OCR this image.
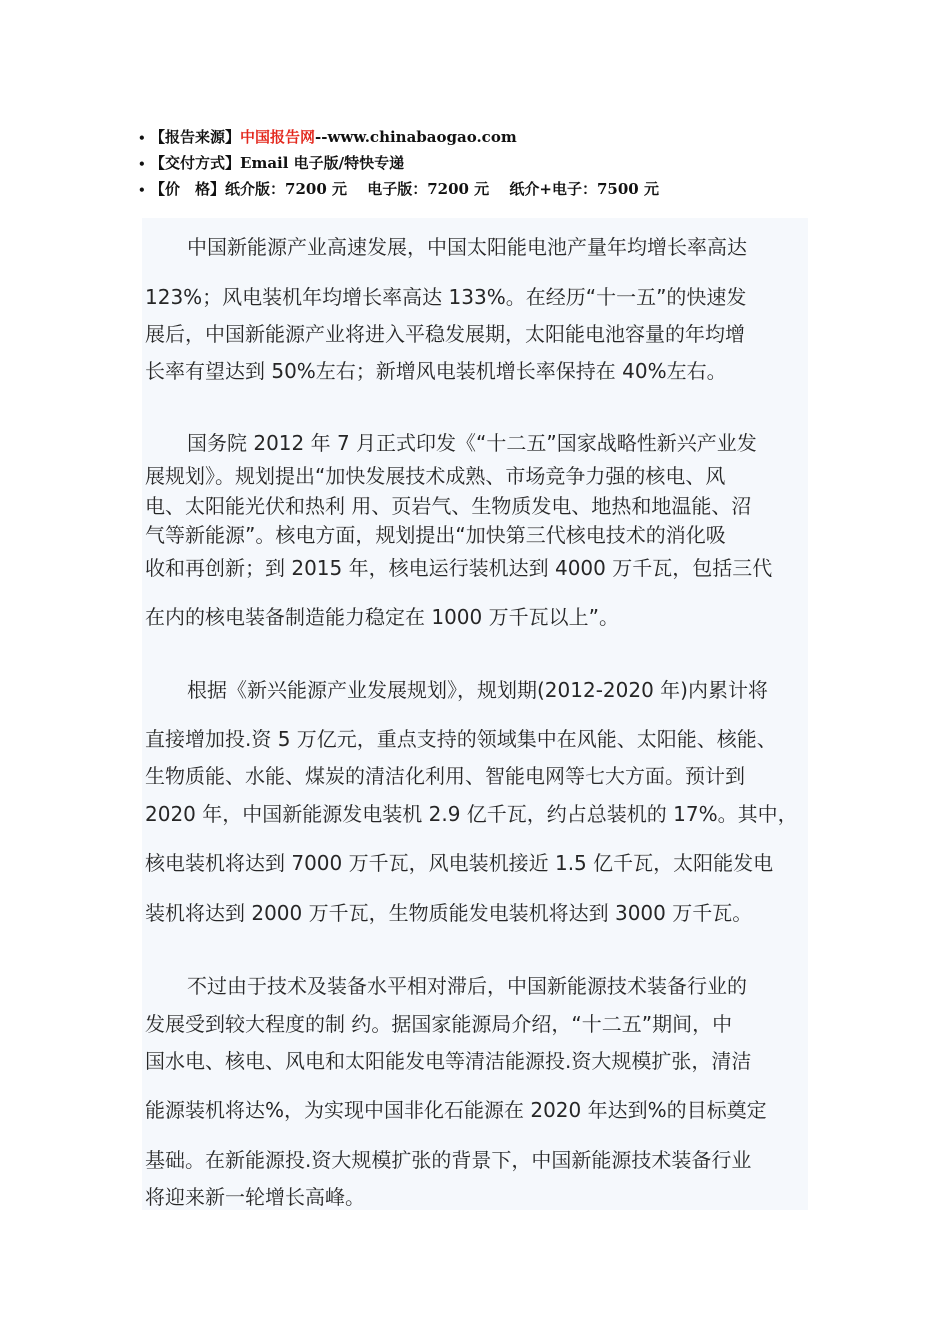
• 【报告来源】中国报告网--www.chinabaogao.com
• 【交付方式】Email 电子版/特快专递
• 【价　格】纸介版：7200 元　 电子版：7200 元　 纸介+电子：7500 元
中国新能源产业高速发展，中国太阳能电池产量年均增长率高达
123%；风电装机年均增长率高达 133%。在经历“十一五”的快速发
展后，中国新能源产业将进入平稳发展期，太阳能电池容量的年均增
长率有望达到 50%左右；新增风电装机增长率保持在 40%左右。
国务院 2012 年 7 月正式印发《“十二五”国家战略性新兴产业发
展规划》。规划提出“加快发展技术成熟、市场竞争力强的核电、风
电、太阳能光伏和热利 用、页岩气、生物质发电、地热和地温能、沼
气等新能源”。核电方面，规划提出“加快第三代核电技术的消化吸
收和再创新；到 2015 年，核电运行装机达到 4000 万千瓦，包括三代
在内的核电装备制造能力稳定在 1000 万千瓦以上”。
根据《新兴能源产业发展规划》，规划期(2012-2020 年)内累计将
直接增加投.资 5 万亿元，重点支持的领域集中在风能、太阳能、核能、
生物质能、水能、煤炭的清洁化利用、智能电网等七大方面。预计到
2020 年，中国新能源发电装机 2.9 亿千瓦，约占总装机的 17%。其中，
核电装机将达到 7000 万千瓦，风电装机接近 1.5 亿千瓦，太阳能发电
装机将达到 2000 万千瓦，生物质能发电装机将达到 3000 万千瓦。
不过由于技术及装备水平相对滞后，中国新能源技术装备行业的
发展受到较大程度的制 约。据国家能源局介绍，“十二五”期间，中
国水电、核电、风电和太阳能发电等清洁能源投.资大规模扩张，清洁
能源装机将达%，为实现中国非化石能源在 2020 年达到%的目标奠定
基础。在新能源投.资大规模扩张的背景下，中国新能源技术装备行业
将迎来新一轮增长高峰。
